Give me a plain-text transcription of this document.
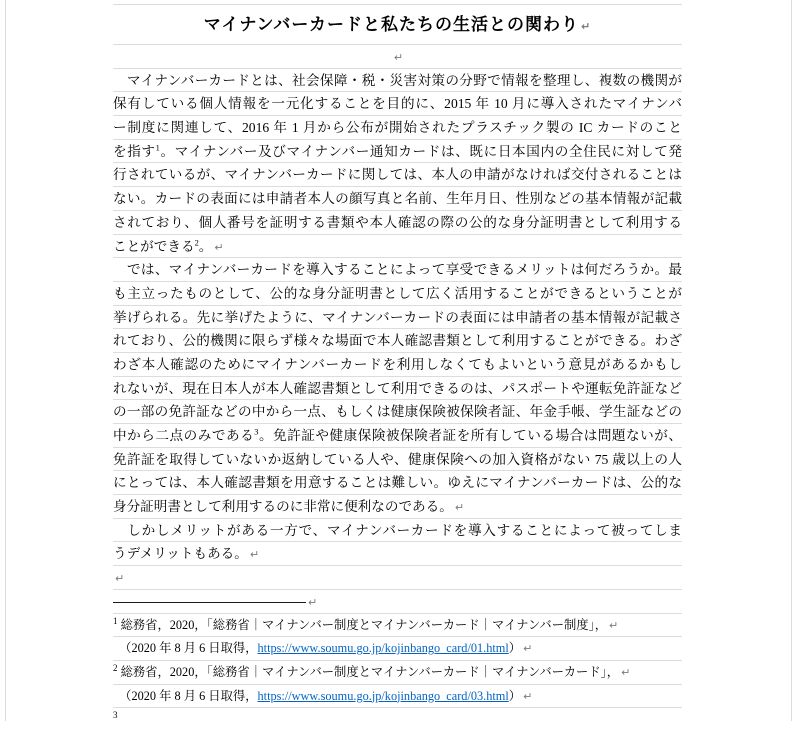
マイナンバーカードと私たちの生活との関わり ↵
↵
　マイナンバーカードとは、社会保障・税・災害対策の分野で情報を整理し、複数の機関が
保有している個人情報を一元化することを目的に、2015 年 10 月に導入されたマイナンバ
ー制度に関連して、2016 年 1 月から公布が開始されたプラスチック製の IC カードのこと
を指す$^1$。マイナンバー及びマイナンバー通知カードは、既に日本国内の全住民に対して発
行されているが、マイナンバーカードに関しては、本人の申請がなければ交付されることは
ない。カードの表面には申請者本人の顔写真と名前、生年月日、性別などの基本情報が記載
されており、個人番号を証明する書類や本人確認の際の公的な身分証明書として利用する
ことができる$^2$。 ↵
　では、マイナンバーカードを導入することによって享受できるメリットは何だろうか。最
も主立ったものとして、公的な身分証明書として広く活用することができるということが
挙げられる。先に挙げたように、マイナンバーカードの表面には申請者の基本情報が記載さ
れており、公的機関に限らず様々な場面で本人確認書類として利用することができる。わざ
わざ本人確認のためにマイナンバーカードを利用しなくてもよいという意見があるかもし
れないが、現在日本人が本人確認書類として利用できるのは、パスポートや運転免許証など
の一部の免許証などの中から一点、もしくは健康保険被保険者証、年金手帳、学生証などの
中から二点のみである$^3$。免許証や健康保険被保険者証を所有している場合は問題ないが、
免許証を取得していないか返納している人や、健康保険への加入資格がない 75 歳以上の人
にとっては、本人確認書類を用意することは難しい。ゆえにマイナンバーカードは、公的な
身分証明書として利用するのに非常に便利なのである。 ↵
　しかしメリットがある一方で、マイナンバーカードを導入することによって被ってしま
うデメリットもある。 ↵
↵
↵
$^1$ 総務省，2020，「総務省｜マイナンバー制度とマイナンバーカード｜マイナンバー制度」， ↵
　（2020 年 8 月 6 日取得，https://www.soumu.go.jp/kojinbango_card/01.html） ↵
$^2$ 総務省，2020，「総務省｜マイナンバー制度とマイナンバーカード｜マイナンバーカード」， ↵
　（2020 年 8 月 6 日取得，https://www.soumu.go.jp/kojinbango_card/03.html） ↵
$^3$
